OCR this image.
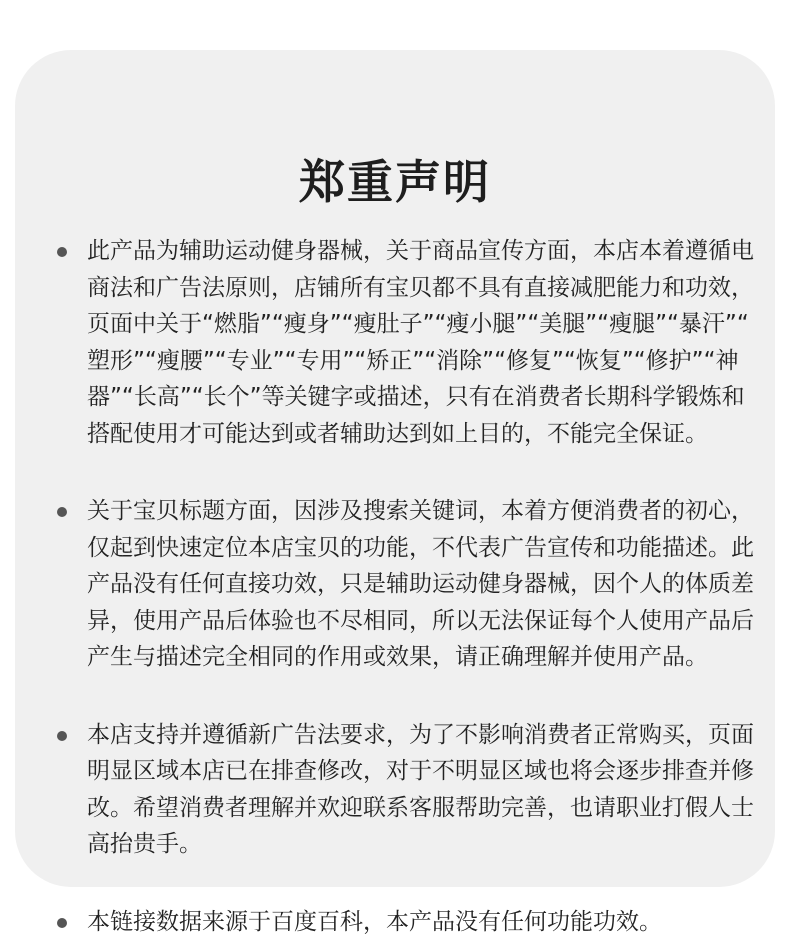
郑重声明
此产品为辅助运动健身器械，关于商品宣传方面，本店本着遵循电商法和广告法原则，店铺所有宝贝都不具有直接减肥能力和功效，页面中关于“燃脂”“瘦身”“瘦肚子”“瘦小腿”“美腿”“瘦腿”“暴汗”“塑形”“瘦腰”“专业”“专用”“矫正”“消除”“修复”“恢复”“修护”“神器”“长高”“长个”等关键字或描述，只有在消费者长期科学锻炼和搭配使用才可能达到或者辅助达到如上目的，不能完全保证。
关于宝贝标题方面，因涉及搜索关键词，本着方便消费者的初心，仅起到快速定位本店宝贝的功能，不代表广告宣传和功能描述。此产品没有任何直接功效，只是辅助运动健身器械，因个人的体质差异，使用产品后体验也不尽相同，所以无法保证每个人使用产品后产生与描述完全相同的作用或效果，请正确理解并使用产品。
本店支持并遵循新广告法要求，为了不影响消费者正常购买，页面明显区域本店已在排查修改，对于不明显区域也将会逐步排查并修改。希望消费者理解并欢迎联系客服帮助完善，也请职业打假人士高抬贵手。
本链接数据来源于百度百科，本产品没有任何功能功效。
